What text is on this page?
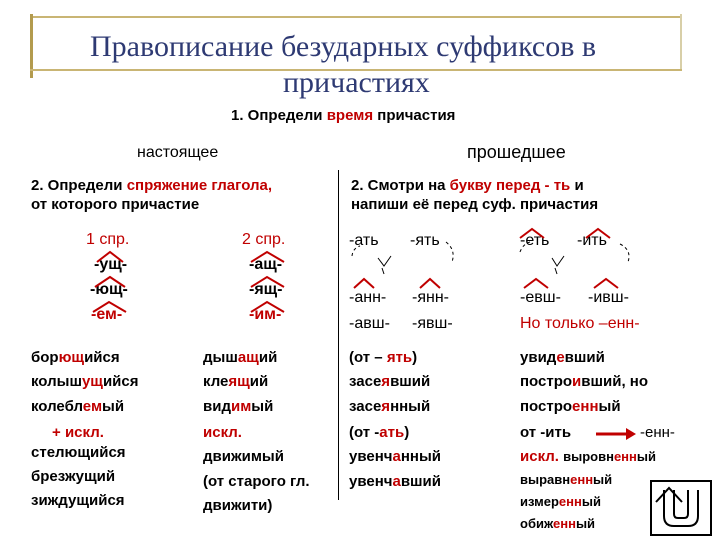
Правописание безударных суффиксов в
причастиях
1. Определи время причастия
настоящее	прошедшее
2. Определи спряжение глагола,
от которого причастие
2. Смотри на букву перед - ть и
напиши её перед суф. причастия
1 спр.
-ущ-
-ющ-
-ем-
2 спр.
-ащ-
-ящ-
-им-
-ать -ять
-анн- -янн-
-авш- -явш-
-еть -ить
-евш- -ивш-
Но только –енн-
борющийся
колышущийся
колеблемый
+ искл.
стелющийся
брезжущий
зиждущийся
дышащий
клеящий
видимый
искл.
движимый
(от старого гл.
движити)
(от – ять)
засеявший
засеянный
(от -ать)
увенчанный
увенчавший
увидевший
построивший, но
построенный
от -ить	-енн-
искл. выровненный
выравненный
измеренный
обиженный
